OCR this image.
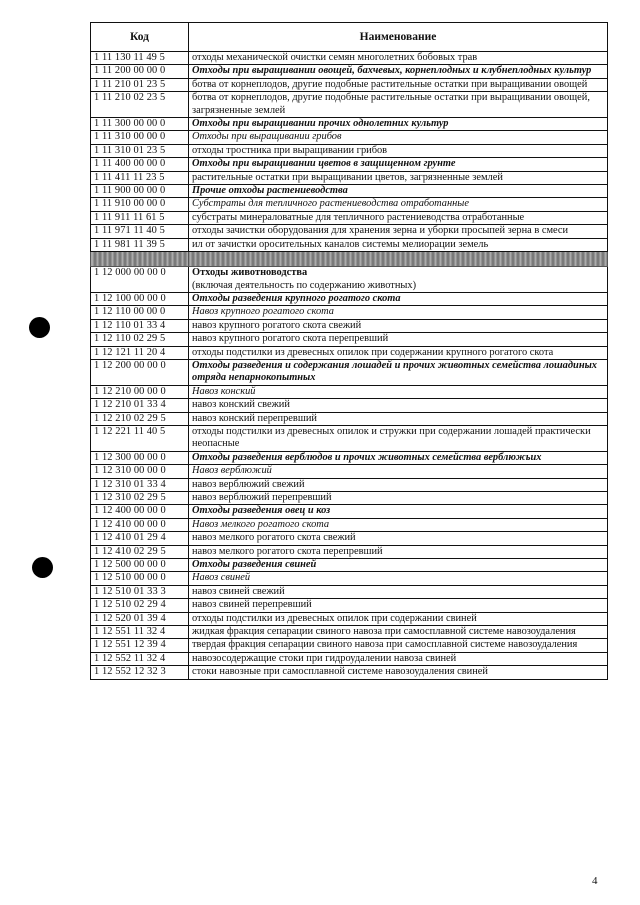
Код	Наименование
1 11 130 11 49 5	отходы механической очистки семян многолетних бобовых трав
1 11 200 00 00 0	Отходы при выращивании овощей, бахчевых, корнеплодных и клубнеплодных культур
1 11 210 01 23 5	ботва от корнеплодов, другие подобные растительные остатки при выращивании овощей
1 11 210 02 23 5	ботва от корнеплодов, другие подобные растительные остатки при выращивании овощей, загрязненные землей
1 11 300 00 00 0	Отходы при выращивании прочих однолетних культур
1 11 310 00 00 0	Отходы при выращивании грибов
1 11 310 01 23 5	отходы тростника при выращивании грибов
1 11 400 00 00 0	Отходы при выращивании цветов в защищенном грунте
1 11 411 11 23 5	растительные остатки при выращивании цветов, загрязненные землей
1 11 900 00 00 0	Прочие отходы растениеводства
1 11 910 00 00 0	Субстраты для тепличного растениеводства отработанные
1 11 911 11 61 5	субстраты минераловатные для тепличного растениеводства отработанные
1 11 971 11 40 5	отходы зачистки оборудования для хранения зерна и уборки просыпей зерна в смеси
1 11 981 11 39 5	ил от зачистки оросительных каналов системы мелиорации земель

1 12 000 00 00 0	Отходы животноводства
(включая деятельность по содержанию животных)

1 12 100 00 00 0	Отходы разведения крупного рогатого скота
1 12 110 00 00 0	Навоз крупного рогатого скота
1 12 110 01 33 4	навоз крупного рогатого скота свежий
1 12 110 02 29 5	навоз крупного рогатого скота перепревший
1 12 121 11 20 4	отходы подстилки из древесных опилок при содержании крупного рогатого скота
1 12 200 00 00 0	Отходы разведения и содержания лошадей и прочих животных семейства лошадиных отряда непарнокопытных
1 12 210 00 00 0	Навоз конский
1 12 210 01 33 4	навоз конский свежий
1 12 210 02 29 5	навоз конский перепревший
1 12 221 11 40 5	отходы подстилки из древесных опилок и стружки при содержании лошадей практически неопасные
1 12 300 00 00 0	Отходы разведения верблюдов и прочих животных семейства верблюжьих
1 12 310 00 00 0	Навоз верблюжий
1 12 310 01 33 4	навоз верблюжий свежий
1 12 310 02 29 5	навоз верблюжий перепревший
1 12 400 00 00 0	Отходы разведения овец и коз
1 12 410 00 00 0	Навоз мелкого рогатого скота
1 12 410 01 29 4	навоз мелкого рогатого скота свежий
1 12 410 02 29 5	навоз мелкого рогатого скота перепревший
1 12 500 00 00 0	Отходы разведения свиней
1 12 510 00 00 0	Навоз свиней
1 12 510 01 33 3	навоз свиней свежий
1 12 510 02 29 4	навоз свиней перепревший
1 12 520 01 39 4	отходы подстилки из древесных опилок при содержании свиней
1 12 551 11 32 4	жидкая фракция сепарации свиного навоза при самосплавной системе навозоудаления
1 12 551 12 39 4	твердая фракция сепарации свиного навоза при самосплавной системе навозоудаления
1 12 552 11 32 4	навозосодержащие стоки при гидроудалении навоза свиней
1 12 552 12 32 3	стоки навозные при самосплавной системе навозоудаления свиней
4
